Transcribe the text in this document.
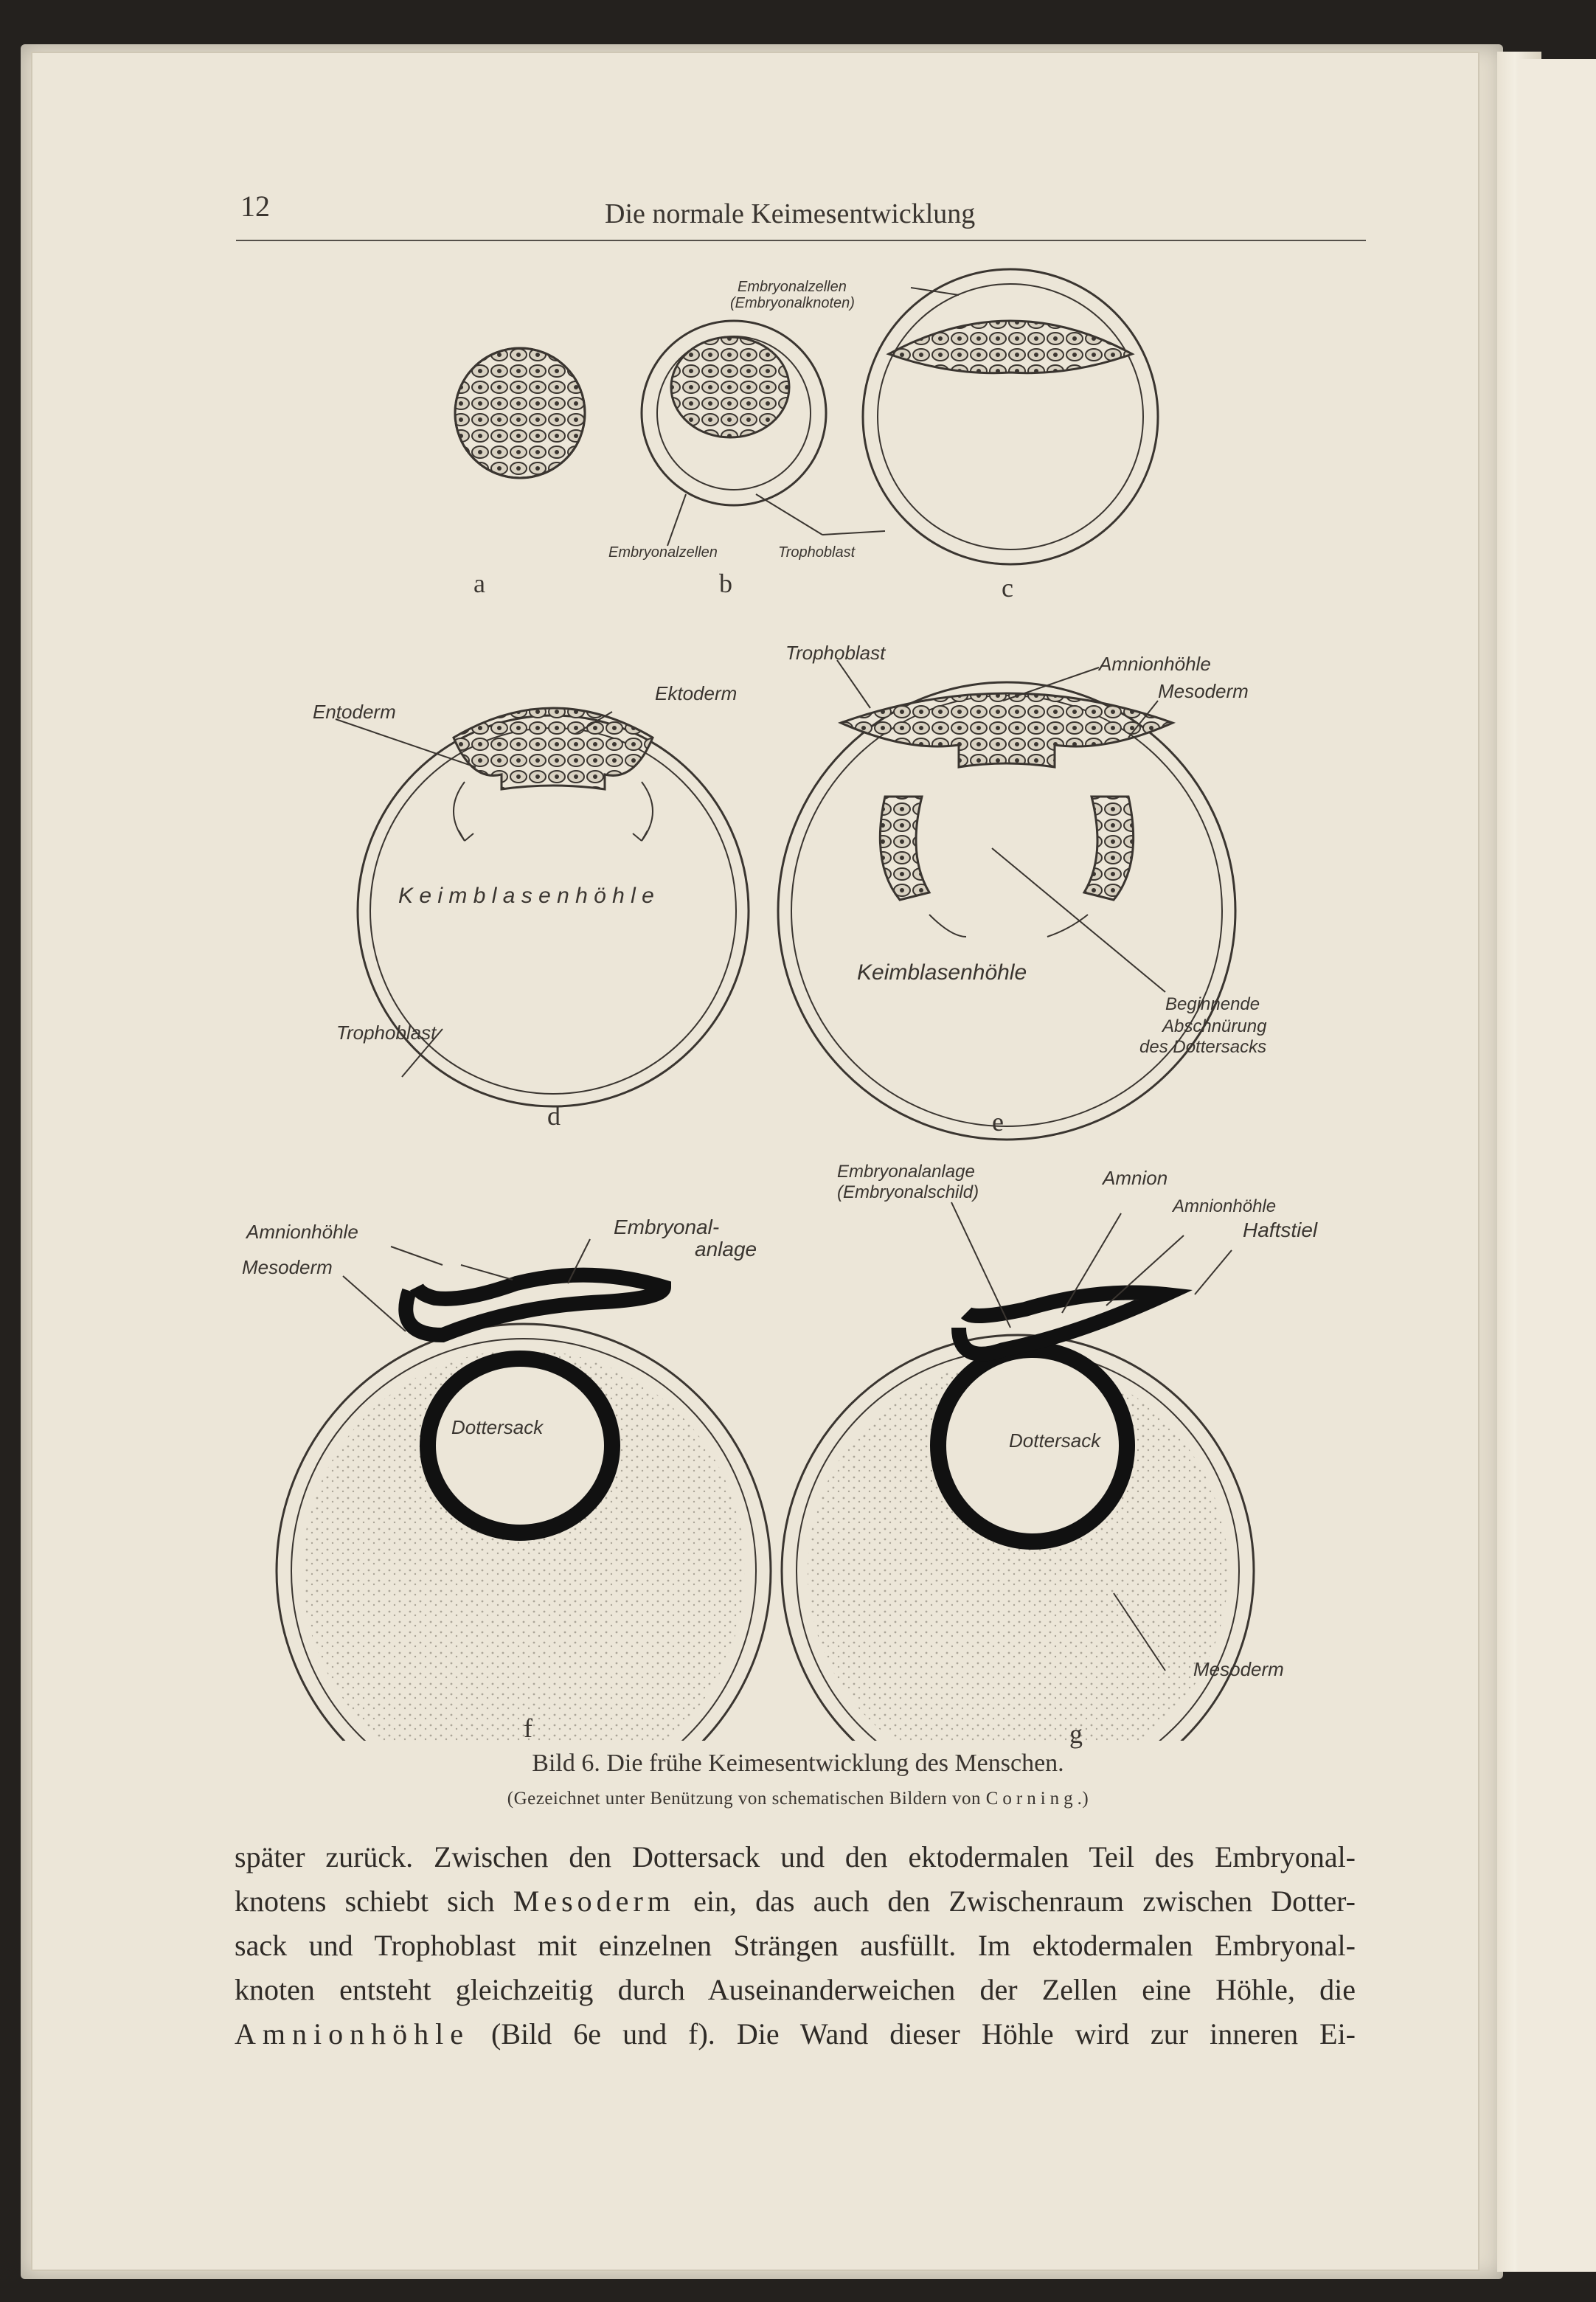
12	Die normale Keimesentwicklung
a	b	c
d	e
f	g
Embryonalzellen
(Embryonalknoten)
Embryonalzellen	Trophoblast
Entoderm
Ektoderm
K e i m b l a s e n h ö h l e
Trophoblast
Trophoblast	Amnionhöhle
Mesoderm
Keimblasenhöhle
Beginnende
Abschnürung
des Dottersacks
Amnionhöhle
Mesoderm
Embryonal-
anlage
Dottersack
Embryonalanlage
(Embryonalschild)
Amnion
Amnionhöhle
Haftstiel
Dottersack
Mesoderm
Bild 6. Die frühe Keimesentwicklung des Menschen.
(Gezeichnet unter Benützung von schematischen Bildern von Corning.)
später zurück. Zwischen den Dottersack und den ektodermalen Teil des Embryonal-
knotens schiebt sich Mesoderm ein, das auch den Zwischenraum zwischen Dotter-
sack und Trophoblast mit einzelnen Strängen ausfüllt. Im ektodermalen Embryonal-
knoten entsteht gleichzeitig durch Auseinanderweichen der Zellen eine Höhle, die
Amnionhöhle (Bild 6e und f). Die Wand dieser Höhle wird zur inneren Ei-
